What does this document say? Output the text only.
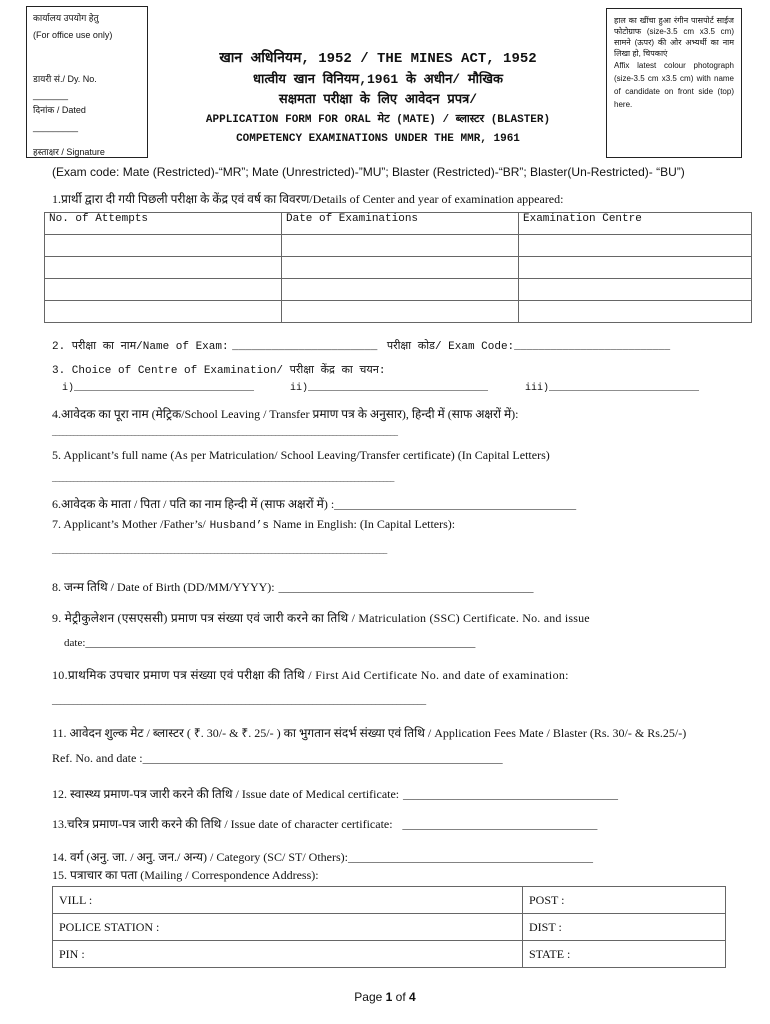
कार्यालय उपयोग हेतु
(For office use only)
डायरी सं./ Dy. No.
_______
दिनांक / Dated
_________
हस्ताक्षर / Signature
खान अधिनियम, 1952 / THE MINES ACT, 1952
धात्वीय खान विनियम,1961 के अधीन/ मौखिक
सक्षमता परीक्षा के लिए आवेदन प्रपत्र/
APPLICATION FORM FOR ORAL मेट (MATE) / ब्लास्टर (BLASTER)
COMPETENCY EXAMINATIONS UNDER THE MMR, 1961
हाल का खींचा हुआ रंगीन पासपोर्ट साईज फोटोग्राफ (size-3.5 cm x3.5 cm) सामने (ऊपर) की ओर अभ्यर्थी का नाम लिखा हो, चिपकाएं
Affix latest colour photograph (size-3.5 cm x3.5 cm) with name of candidate on front side (top) here.
(Exam code: Mate (Restricted)-“MR”; Mate (Unrestricted)-”MU”; Blaster (Restricted)-“BR”; Blaster(Un-Restricted)- “BU”)
1.प्रार्थी द्वारा दी गयी पिछली परीक्षा के केंद्र एवं वर्ष का विवरण/Details of Center and year of examination appeared:
No. of Attempts	Date of Examinations	Examination Centre

2. परीक्षा का नाम/Name of Exam: ______________________ परीक्षा कोड/ Exam Code:__________________________
3. Choice of Centre of Examination/ परीक्षा केंद्र का चयन:
i)______________________________	ii)______________________________	iii)_________________________
4.आवेदक का पूरा नाम (मेट्रिक/School Leaving / Transfer प्रमाण पत्र के अनुसार), हिन्दी में (साफ अक्षरों में):
________________________________________________________________________________________________
5. Applicant’s full name (As per Matriculation/ School Leaving/Transfer certificate) (In Capital Letters)
_______________________________________________________________________________________________
6.आवेदक के माता / पिता / पति का नाम हिन्दी में (साफ अक्षरों में) :____________________________________________
7. Applicant’s Mother /Father’s/ Husband’s Name in English: (In Capital Letters):
_____________________________________________________________________________________________
8. जन्म तिथि / Date of Birth (DD/MM/YYYY): ___________________________________________________
9. मेट्रीकुलेशन (एसएससी) प्रमाण पत्र संख्या एवं जारी करने का तिथि / Matriculation (SSC) Certificate. No. and issue
date:______________________________________________________________________________
10.प्राथमिक उपचार प्रमाण पत्र संख्या एवं परीक्षा की तिथि / First Aid Certificate No. and date of examination:
_________________________________________________________________________________________
11. आवेदन शुल्क मेट / ब्लास्टर ( ₹. 30/- & ₹. 25/- ) का भुगतान संदर्भ संख्या एवं तिथि / Application Fees Mate / Blaster (Rs. 30/- & Rs.25/-)
Ref. No. and date :________________________________________________________________________
12. स्वास्थ्य प्रमाण-पत्र जारी करने की तिथि / Issue date of Medical certificate: ___________________________________________
13.चरित्र प्रमाण-पत्र जारी करने की तिथि / Issue date of character certificate: _______________________________________
14. वर्ग (अनु. जा. / अनु. जन./ अन्य) / Category (SC/ ST/ Others):_________________________________________________
15. पत्राचार का पता (Mailing / Correspondence Address):
VILL :	POST :
POLICE STATION :	DIST :
PIN :	STATE :
Page 1 of 4
